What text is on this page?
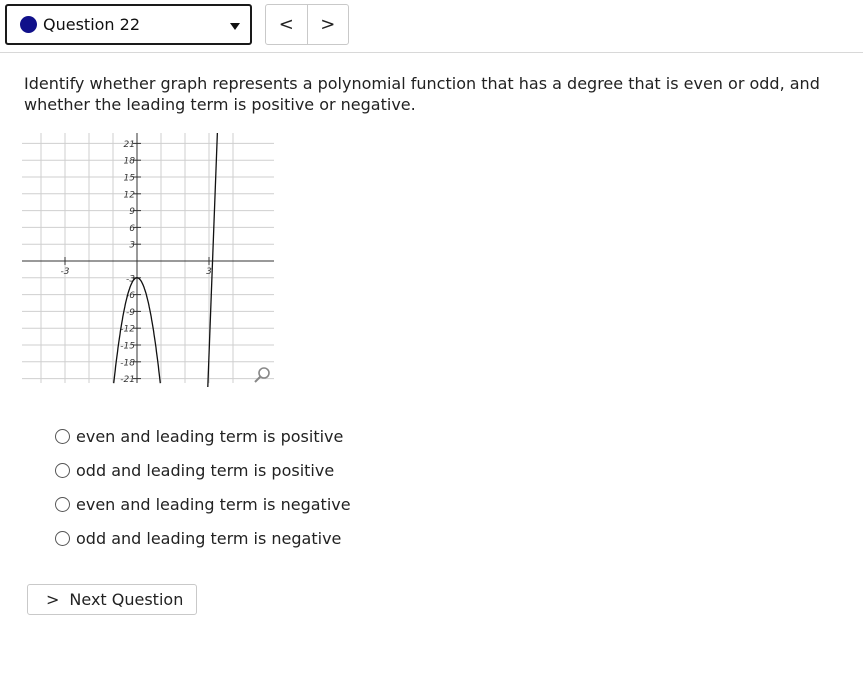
Question 22	<	>
Identify whether graph represents a polynomial function that has a degree that is even or odd, and whether the leading term is positive or negative.
21
18
15
12
9
6
3
-3
-6
-9
-12
-15
-18
-21
-3	3
even and leading term is positive
odd and leading term is positive
even and leading term is negative
odd and leading term is negative
> Next Question
